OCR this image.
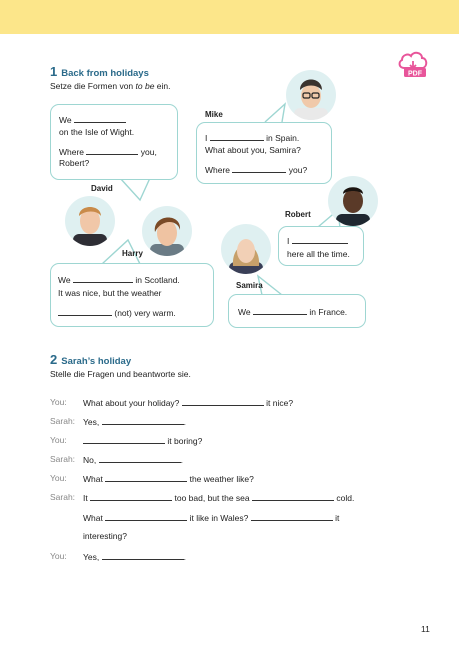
PDF
1 Back from holidays
Setze die Formen von to be ein.
We
on the Isle of Wight.
Where	you,
Robert?
David
Mike
I	in Spain.
What about you, Samira?
Where	you?
Robert
I
here all the time.
Harry
We	in Scotland.
It was nice, but the weather
(not) very warm.
Samira
We	in France.
2 Sarah’s holiday
Stelle die Fragen und beantworte sie.
You: What about your holiday?	it nice?
Sarah: Yes,	.
You:	it boring?
Sarah: No,	.
You: What	the weather like?
Sarah: It	too bad, but the sea	cold.
What	it like in Wales?	it
interesting?
You: Yes,	.
11
